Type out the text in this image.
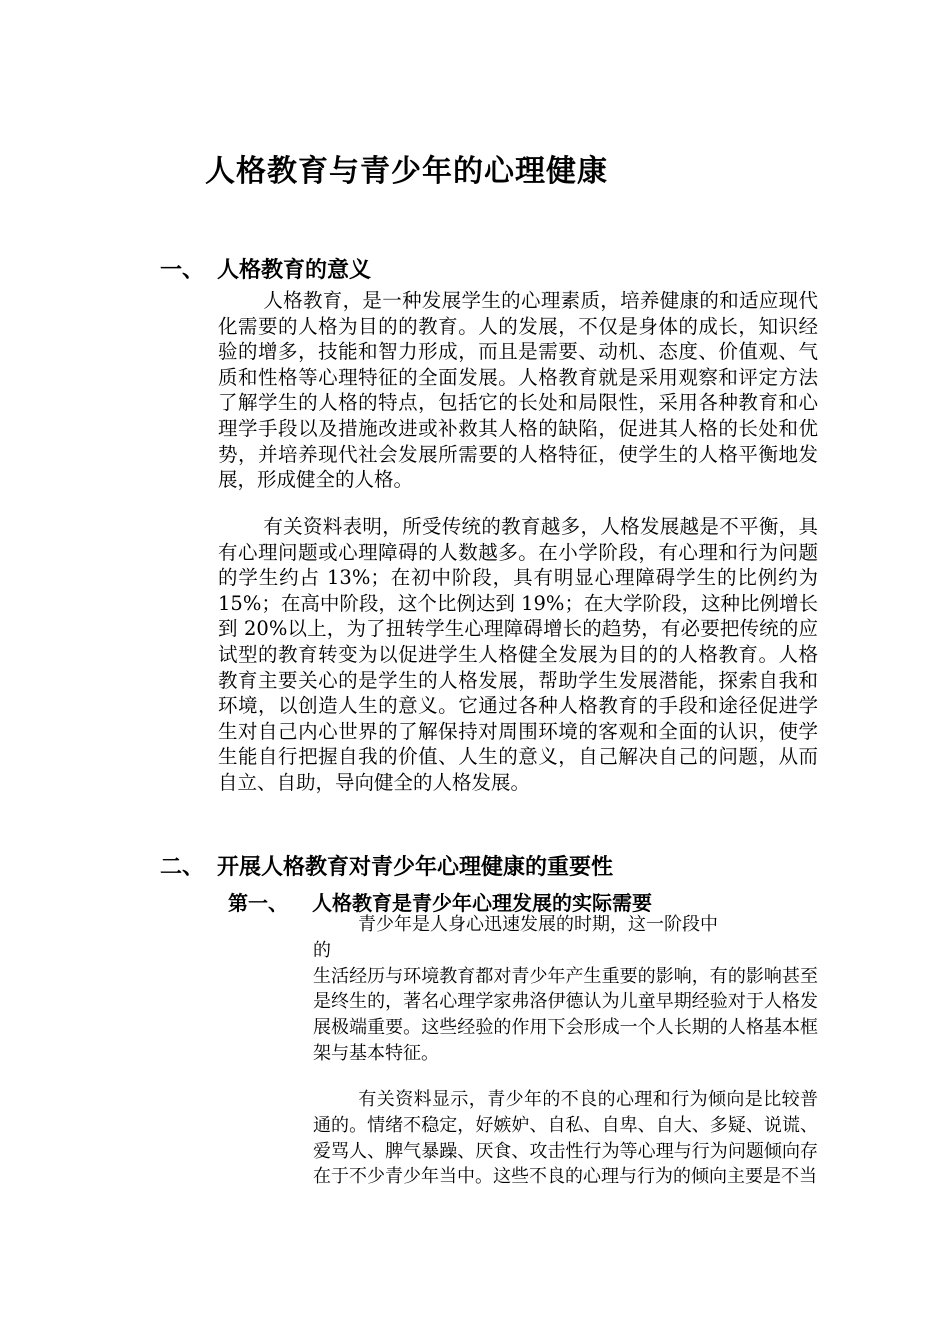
人格教育与青少年的心理健康
一、 人格教育的意义
人格教育，是一种发展学生的心理素质，培养健康的和适应现代化需要的人格为目的的教育。人的发展，不仅是身体的成长，知识经验的增多，技能和智力形成，而且是需要、动机、态度、价值观、气质和性格等心理特征的全面发展。人格教育就是采用观察和评定方法了解学生的人格的特点，包括它的长处和局限性，采用各种教育和心理学手段以及措施改进或补救其人格的缺陷，促进其人格的长处和优势，并培养现代社会发展所需要的人格特征，使学生的人格平衡地发展，形成健全的人格。
有关资料表明，所受传统的教育越多，人格发展越是不平衡，具有心理问题或心理障碍的人数越多。在小学阶段，有心理和行为问题的学生约占 13%；在初中阶段，具有明显心理障碍学生的比例约为 15%；在高中阶段，这个比例达到 19%；在大学阶段，这种比例增长到 20%以上，为了扭转学生心理障碍增长的趋势，有必要把传统的应试型的教育转变为以促进学生人格健全发展为目的的人格教育。人格教育主要关心的是学生的人格发展，帮助学生发展潜能，探索自我和环境，以创造人生的意义。它通过各种人格教育的手段和途径促进学生对自己内心世界的了解保持对周围环境的客观和全面的认识，使学生能自行把握自我的价值、人生的意义，自己解决自己的问题，从而自立、自助，导向健全的人格发展。
二、 开展人格教育对青少年心理健康的重要性
第一、 人格教育是青少年心理发展的实际需要
青少年是人身心迅速发展的时期，这一阶段中
的
生活经历与环境教育都对青少年产生重要的影响，有的影响甚至是终生的，著名心理学家弗洛伊德认为儿童早期经验对于人格发展极端重要。这些经验的作用下会形成一个人长期的人格基本框架与基本特征。
有关资料显示，青少年的不良的心理和行为倾向是比较普通的。情绪不稳定，好嫉妒、自私、自卑、自大、多疑、说谎、爱骂人、脾气暴躁、厌食、攻击性行为等心理与行为问题倾向存在于不少青少年当中。这些不良的心理与行为的倾向主要是不当
